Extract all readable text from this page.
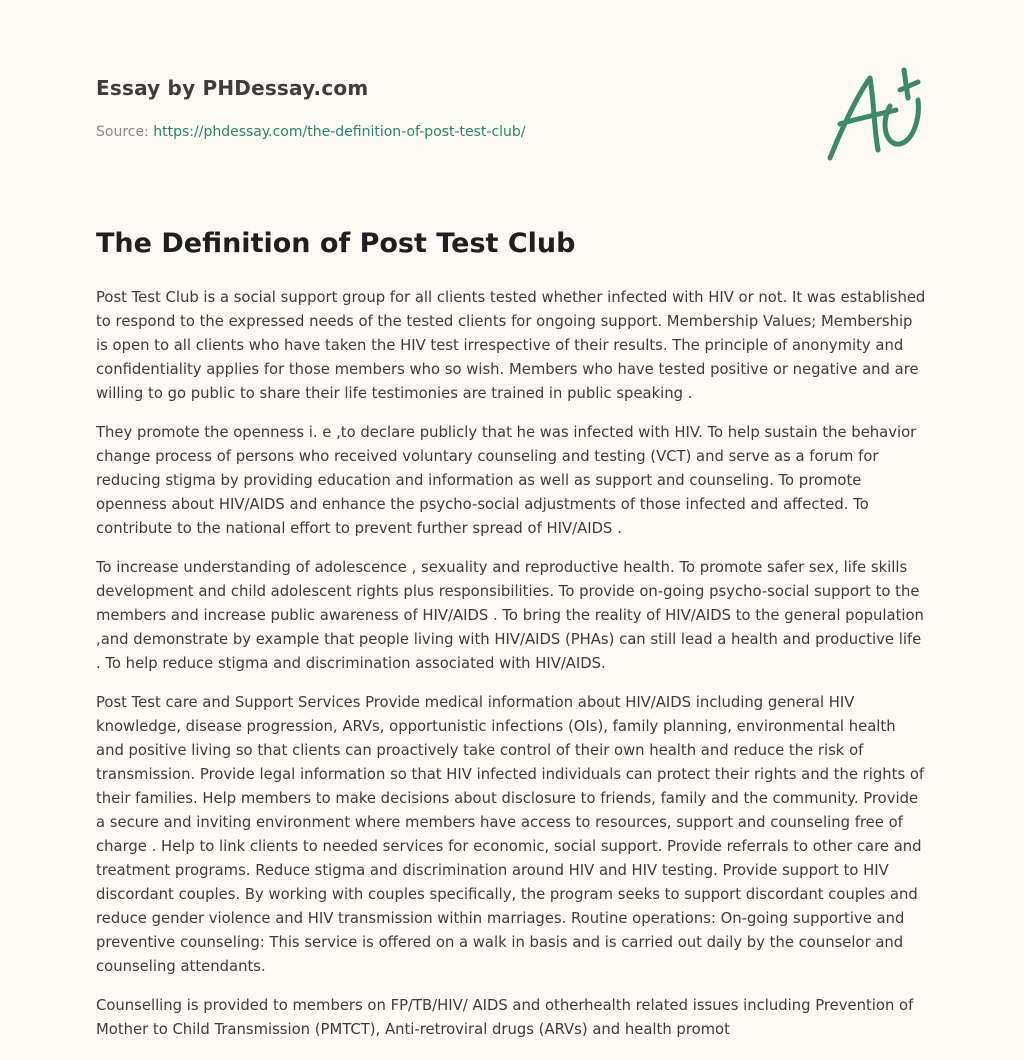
Essay by PHDessay.com
Source: https://phdessay.com/the-definition-of-post-test-club/
The Definition of Post Test Club

Post Test Club is a social support group for all clients tested whether infected with HIV or not. It was established to respond to the expressed needs of the tested clients for ongoing support. Membership Values; Membership is open to all clients who have taken the HIV test irrespective of their results. The principle of anonymity and confidentiality applies for those members who so wish. Members who have tested positive or negative and are willing to go public to share their life testimonies are trained in public speaking .

They promote the openness i. e ,to declare publicly that he was infected with HIV. To help sustain the behavior change process of persons who received voluntary counseling and testing (VCT) and serve as a forum for reducing stigma by providing education and information as well as support and counseling. To promote openness about HIV/AIDS and enhance the psycho-social adjustments of those infected and affected. To contribute to the national effort to prevent further spread of HIV/AIDS .

To increase understanding of adolescence , sexuality and reproductive health. To promote safer sex, life skills development and child adolescent rights plus responsibilities. To provide on-going psycho-social support to the members and increase public awareness of HIV/AIDS . To bring the reality of HIV/AIDS to the general population ,and demonstrate by example that people living with HIV/AIDS (PHAs) can still lead a health and productive life . To help reduce stigma and discrimination associated with HIV/AIDS.

Post Test care and Support Services Provide medical information about HIV/AIDS including general HIV knowledge, disease progression, ARVs, opportunistic infections (OIs), family planning, environmental health and positive living so that clients can proactively take control of their own health and reduce the risk of transmission. Provide legal information so that HIV infected individuals can protect their rights and the rights of their families. Help members to make decisions about disclosure to friends, family and the community. Provide a secure and inviting environment where members have access to resources, support and counseling free of charge . Help to link clients to needed services for economic, social support. Provide referrals to other care and treatment programs. Reduce stigma and discrimination around HIV and HIV testing. Provide support to HIV discordant couples. By working with couples specifically, the program seeks to support discordant couples and reduce gender violence and HIV transmission within marriages. Routine operations: On-going supportive and preventive counseling: This service is offered on a walk in basis and is carried out daily by the counselor and counseling attendants.

Counselling is provided to members on FP/TB/HIV/ AIDS and otherhealth related issues including Prevention of Mother to Child Transmission (PMTCT), Anti-retroviral drugs (ARVs) and health promot
